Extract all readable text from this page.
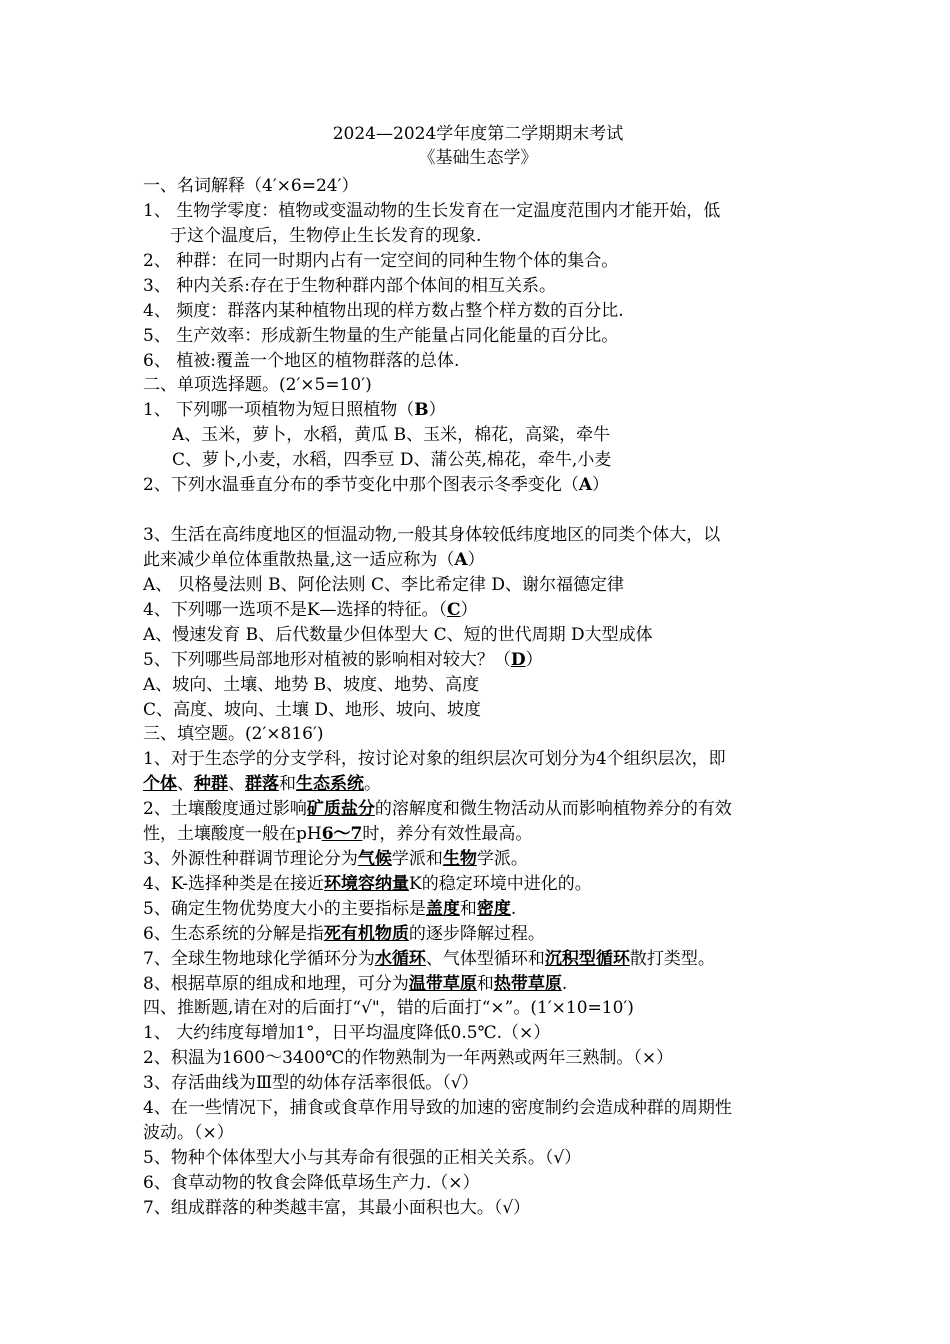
2024—2024学年度第二学期期末考试
《基础生态学》
一、名词解释（4′×6=24′）
1、 生物学零度：植物或变温动物的生长发育在一定温度范围内才能开始，低
于这个温度后，生物停止生长发育的现象.
2、 种群：在同一时期内占有一定空间的同种生物个体的集合。
3、 种内关系:存在于生物种群内部个体间的相互关系。
4、 频度：群落内某种植物出现的样方数占整个样方数的百分比.
5、 生产效率：形成新生物量的生产能量占同化能量的百分比。
6、 植被:覆盖一个地区的植物群落的总体.
二、单项选择题。(2′×5=10′)
1、 下列哪一项植物为短日照植物（B）
A、玉米，萝卜，水稻，黄瓜 B、玉米，棉花，高粱，牵牛
C、萝卜,小麦，水稻，四季豆 D、蒲公英,棉花，牵牛,小麦
2、下列水温垂直分布的季节变化中那个图表示冬季变化（A）
3、生活在高纬度地区的恒温动物,一般其身体较低纬度地区的同类个体大，以
此来减少单位体重散热量,这一适应称为（A）
A、 贝格曼法则 B、阿伦法则 C、李比希定律 D、谢尔福德定律
4、下列哪一选项不是K—选择的特征。（C）
A、慢速发育 B、后代数量少但体型大 C、短的世代周期 D大型成体
5、下列哪些局部地形对植被的影响相对较大？（D）
A、坡向、土壤、地势 B、坡度、地势、高度
C、高度、坡向、土壤 D、地形、坡向、坡度
三、填空题。(2′×816′)
1、对于生态学的分支学科，按讨论对象的组织层次可划分为4个组织层次，即
个体、种群、群落和生态系统。
2、土壤酸度通过影响矿质盐分的溶解度和微生物活动从而影响植物养分的有效
性，土壤酸度一般在pH6～7时，养分有效性最高。
3、外源性种群调节理论分为气候学派和生物学派。
4、K-选择种类是在接近环境容纳量K的稳定环境中进化的。
5、确定生物优势度大小的主要指标是盖度和密度.
6、生态系统的分解是指死有机物质的逐步降解过程。
7、全球生物地球化学循环分为水循环、气体型循环和沉积型循环散打类型。
8、根据草原的组成和地理，可分为温带草原和热带草原.
四、推断题,请在对的后面打“√"，错的后面打“×”。(1′×10=10′)
1、 大约纬度每增加1°，日平均温度降低0.5℃.（×）
2、积温为1600～3400℃的作物熟制为一年两熟或两年三熟制。（×）
3、存活曲线为Ⅲ型的幼体存活率很低。（√）
4、在一些情况下，捕食或食草作用导致的加速的密度制约会造成种群的周期性
波动。（×）
5、物种个体体型大小与其寿命有很强的正相关关系。（√）
6、食草动物的牧食会降低草场生产力.（×）
7、组成群落的种类越丰富，其最小面积也大。（√）
